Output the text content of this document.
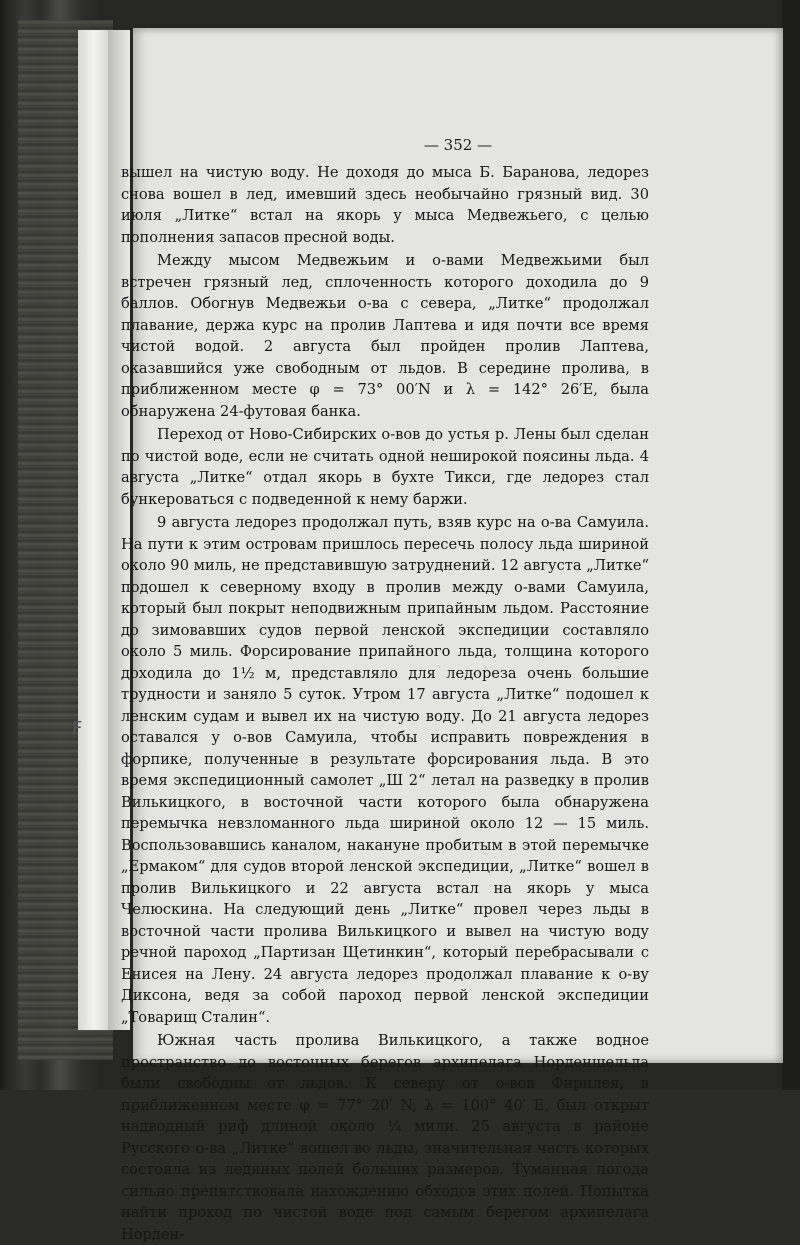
F
— 352 —

вышел на чистую воду. Не доходя до мыса Б. Баранова, ледорез снова вошел в лед, имевший здесь необычайно грязный вид. 30 июля „Литке“ встал на якорь у мыса Медвежьего, с целью пополнения запасов пресной воды.

Между мысом Медвежьим и о-вами Медвежьими был встречен грязный лед, сплоченность которого доходила до 9 баллов. Обогнув Медвежьи о-ва с севера, „Литке“ продолжал плавание, держа курс на пролив Лаптева и идя почти все время чистой водой. 2 августа был пройден пролив Лаптева, оказавшийся уже свободным от льдов. В середине пролива, в приближенном месте φ = 73° 00′N и λ = 142° 26′E, была обнаружена 24-футовая банка.

Переход от Ново-Сибирских о-вов до устья р. Лены был сделан по чистой воде, если не считать одной неширокой поясины льда. 4 августа „Литке“ отдал якорь в бухте Тикси, где ледорез стал бункероваться с подведенной к нему баржи.

9 августа ледорез продолжал путь, взяв курс на о-ва Самуила. На пути к этим островам пришлось пересечь полосу льда шириной около 90 миль, не представившую затруднений. 12 августа „Литке“ подошел к северному входу в пролив между о-вами Самуила, который был покрыт неподвижным припайным льдом. Расстояние до зимовавших судов первой ленской экспедиции составляло около 5 миль. Форсирование припайного льда, толщина которого доходила до 1½ м, представляло для ледореза очень большие трудности и заняло 5 суток. Утром 17 августа „Литке“ подошел к ленским судам и вывел их на чистую воду. До 21 августа ледорез оставался у о-вов Самуила, чтобы исправить повреждения в форпике, полученные в результате форсирования льда. В это время экспедиционный самолет „Ш 2“ летал на разведку в пролив Вилькицкого, в восточной части которого была обнаружена перемычка невзломанного льда шириной около 12 — 15 миль. Воспользовавшись каналом, накануне пробитым в этой перемычке „Ермаком“ для судов второй ленской экспедиции, „Литке“ вошел в пролив Вилькицкого и 22 августа встал на якорь у мыса Челюскина. На следующий день „Литке“ провел через льды в восточной части пролива Вилькицкого и вывел на чистую воду речной пароход „Партизан Щетинкин“, который перебрасывали с Енисея на Лену. 24 августа ледорез продолжал плавание к о-ву Диксона, ведя за собой пароход первой ленской экспедиции „Товарищ Сталин“.

Южная часть пролива Вилькицкого, а также водное пространство до восточных берегов архипелага Норденшельда были свободны от льдов. К северу от о-вов Фирнлея, в приближенном месте φ = 77° 20′ N, λ = 100° 40′ E, был открыт надводный риф длиной около ¼ мили. 25 августа в районе Русского о-ва „Литке“ вошел во льды, значительная часть которых состояла из ледяных полей больших размеров. Туманная погода сильно препятствовала нахождению обходов этих полей. Попытка найти проход по чистой воде под самым берегом архипелага Норден-
